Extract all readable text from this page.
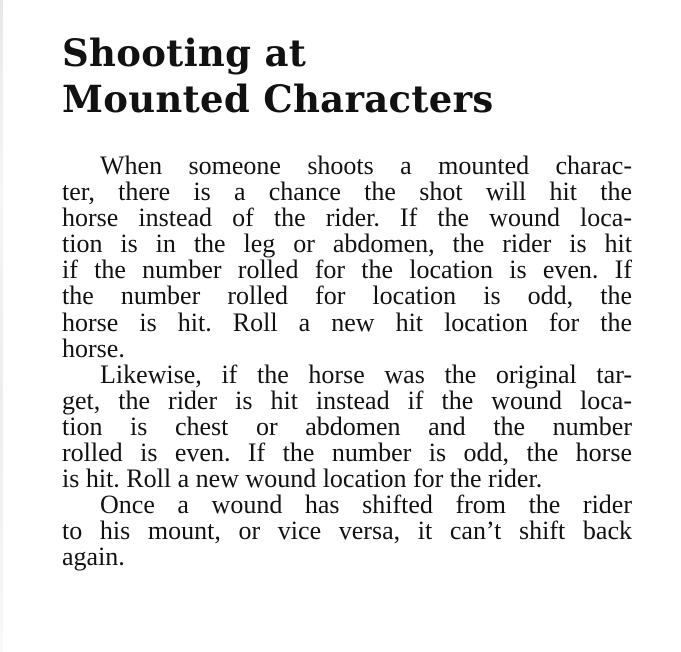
Shooting at
Mounted Characters
When someone shoots a mounted charac-
ter, there is a chance the shot will hit the
horse instead of the rider. If the wound loca-
tion is in the leg or abdomen, the rider is hit
if the number rolled for the location is even. If
the number rolled for location is odd, the
horse is hit. Roll a new hit location for the
horse.
Likewise, if the horse was the original tar-
get, the rider is hit instead if the wound loca-
tion is chest or abdomen and the number
rolled is even. If the number is odd, the horse
is hit. Roll a new wound location for the rider.
Once a wound has shifted from the rider
to his mount, or vice versa, it can’t shift back
again.
